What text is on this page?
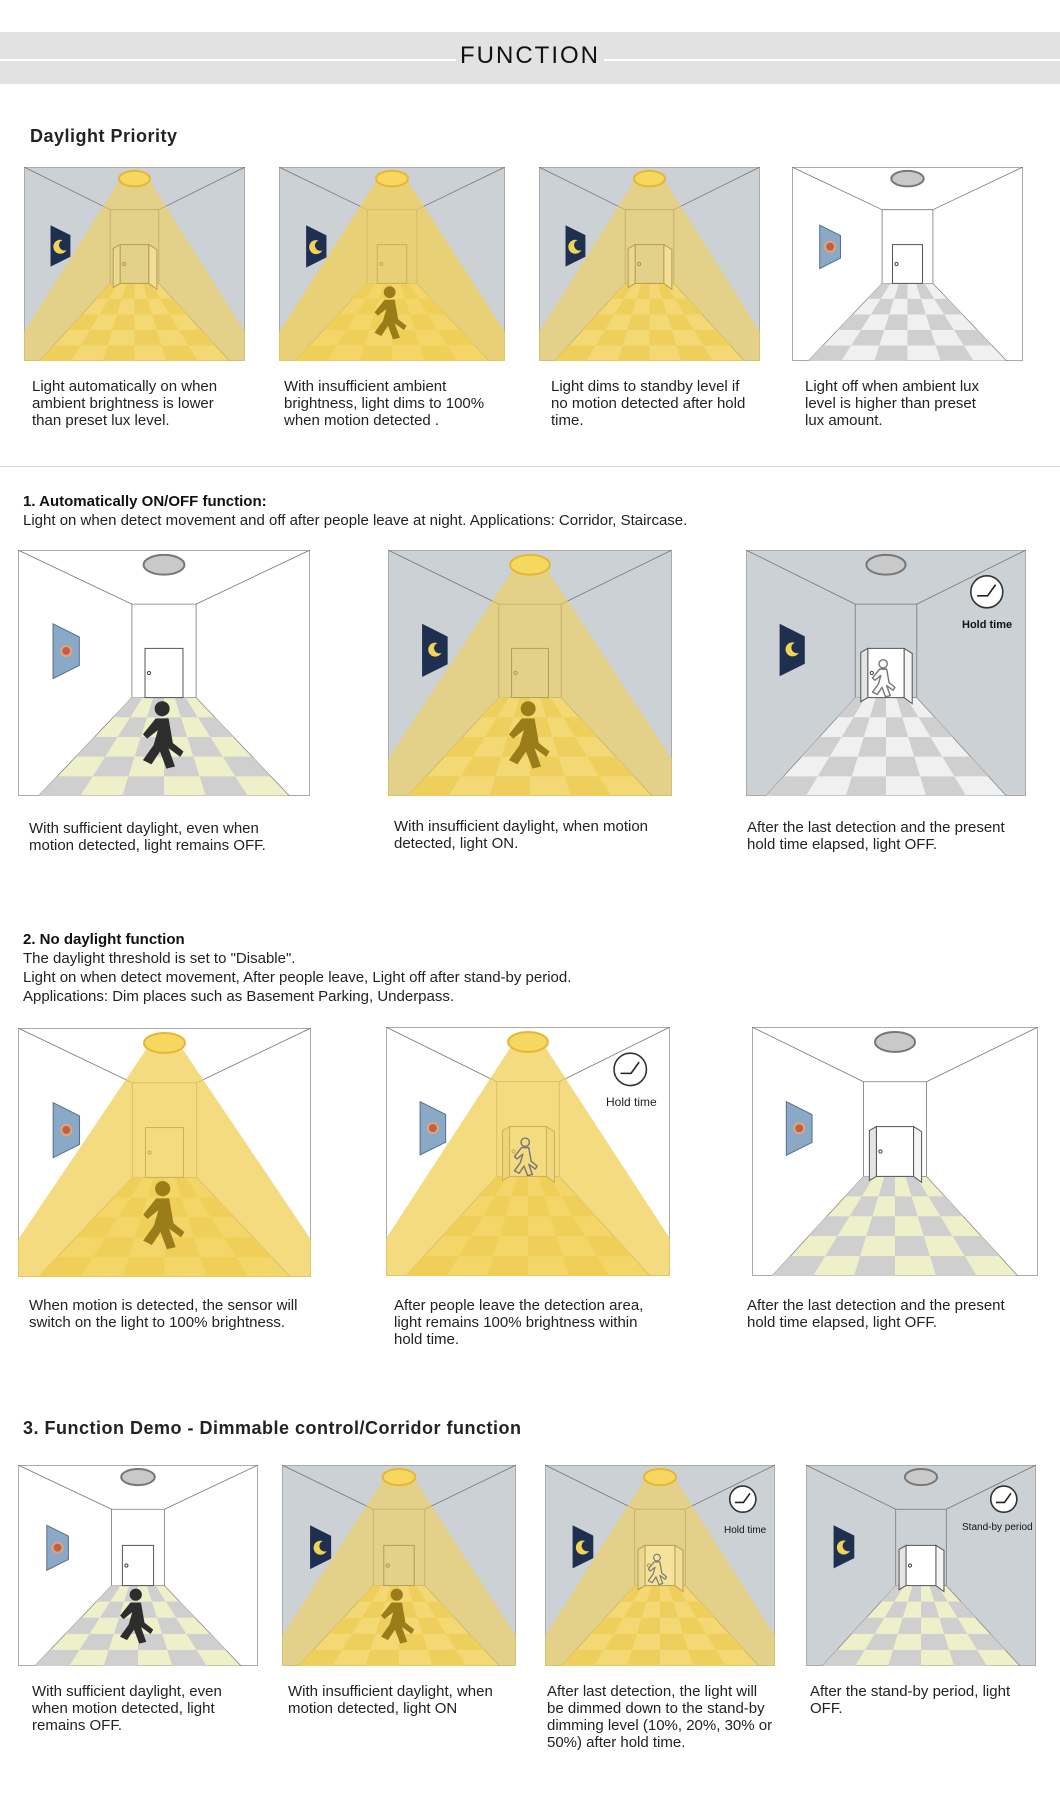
FUNCTION
Daylight Priority
Light automatically on when ambient brightness is lower than preset lux level.
With insufficient ambient brightness, light dims to 100% when motion detected .
Light dims to standby level if no motion detected after hold time.
Light off when ambient lux level is higher than preset lux amount.
1. Automatically ON/OFF function:
Light on when detect movement and off after people leave at night. Applications: Corridor, Staircase.
Hold time
With sufficient daylight, even when motion detected, light remains OFF.
With insufficient daylight, when motion detected, light ON.
After the last detection and the present hold time elapsed, light OFF.
2. No daylight function
The daylight threshold is set to "Disable".
Light on when detect movement, After people leave, Light off after stand-by period.
Applications: Dim places such as Basement Parking, Underpass.
Hold time
When motion is detected, the sensor will switch on the light to 100% brightness.
After people leave the detection area, light remains 100% brightness within hold time.
After the last detection and the present hold time elapsed, light OFF.
3. Function Demo - Dimmable control/Corridor function
Hold time	Stand-by period
With sufficient daylight, even when motion detected, light remains OFF.
With insufficient daylight, when motion detected, light ON
After last detection, the light will be dimmed down to the stand-by dimming level (10%, 20%, 30% or 50%) after hold time.
After the stand-by period, light OFF.
